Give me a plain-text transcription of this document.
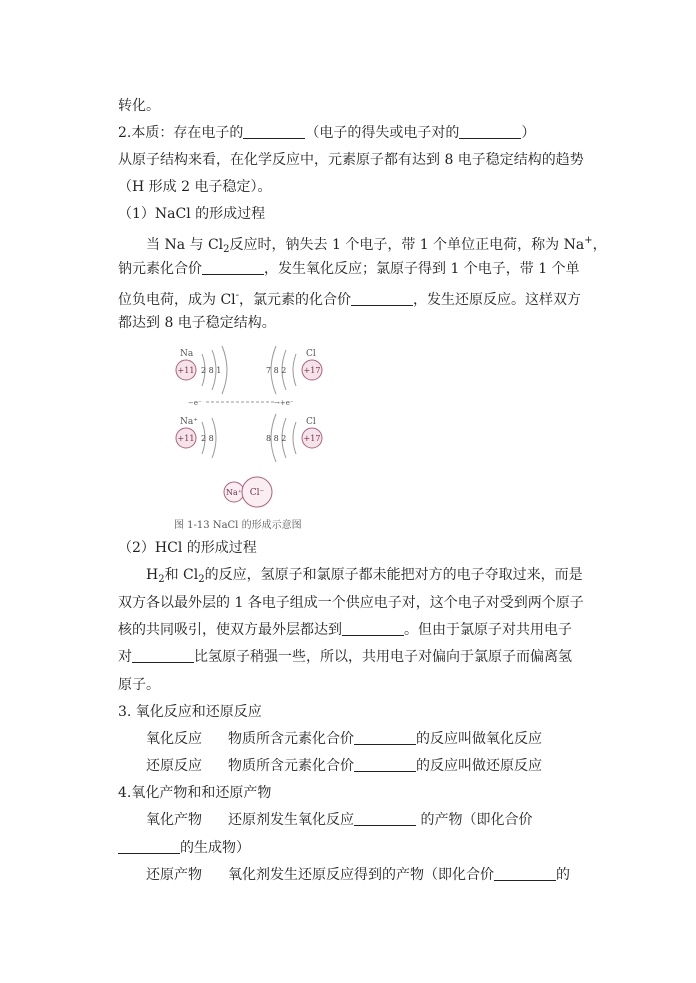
转化。
2.本质：存在电子的	（电子的得失或电子对的	）
从原子结构来看，在化学反应中，元素原子都有达到 8 电子稳定结构的趋势
（H 形成 2 电子稳定）。
（1）NaCl 的形成过程
当 Na 与 $Cl_2$反应时，钠失去 1 个电子，带 1 个单位正电荷，称为 Na+，
钠元素化合价	，发生氧化反应；氯原子得到 1 个电子，带 1 个单
位负电荷，成为 Cl-，氯元素的化合价	，发生还原反应。这样双方
都达到 8 电子稳定结构。
Na
+11 2 8 1
Cl
+17
7 8 2
−e⁻	→+e⁻
Na⁺
+11 2 8
Cl
+17
8 8 2
Na⁺ Cl⁻
图 1-13 NaCl 的形成示意图
（2）HCl 的形成过程
$H_2$和 $Cl_2$的反应，氢原子和氯原子都未能把对方的电子夺取过来，而是
双方各以最外层的 1 各电子组成一个供应电子对，这个电子对受到两个原子
核的共同吸引，使双方最外层都达到	。但由于氯原子对共用电子
对	比氢原子稍强一些，所以，共用电子对偏向于氯原子而偏离氢
原子。
3. 氧化反应和还原反应
氧化反应 物质所含元素化合价	的反应叫做氧化反应
还原反应 物质所含元素化合价	的反应叫做还原反应
4.氧化产物和和还原产物
氧化产物 还原剂发生氧化反应	的产物（即化合价
的生成物）
还原产物 氧化剂发生还原反应得到的产物（即化合价	的
